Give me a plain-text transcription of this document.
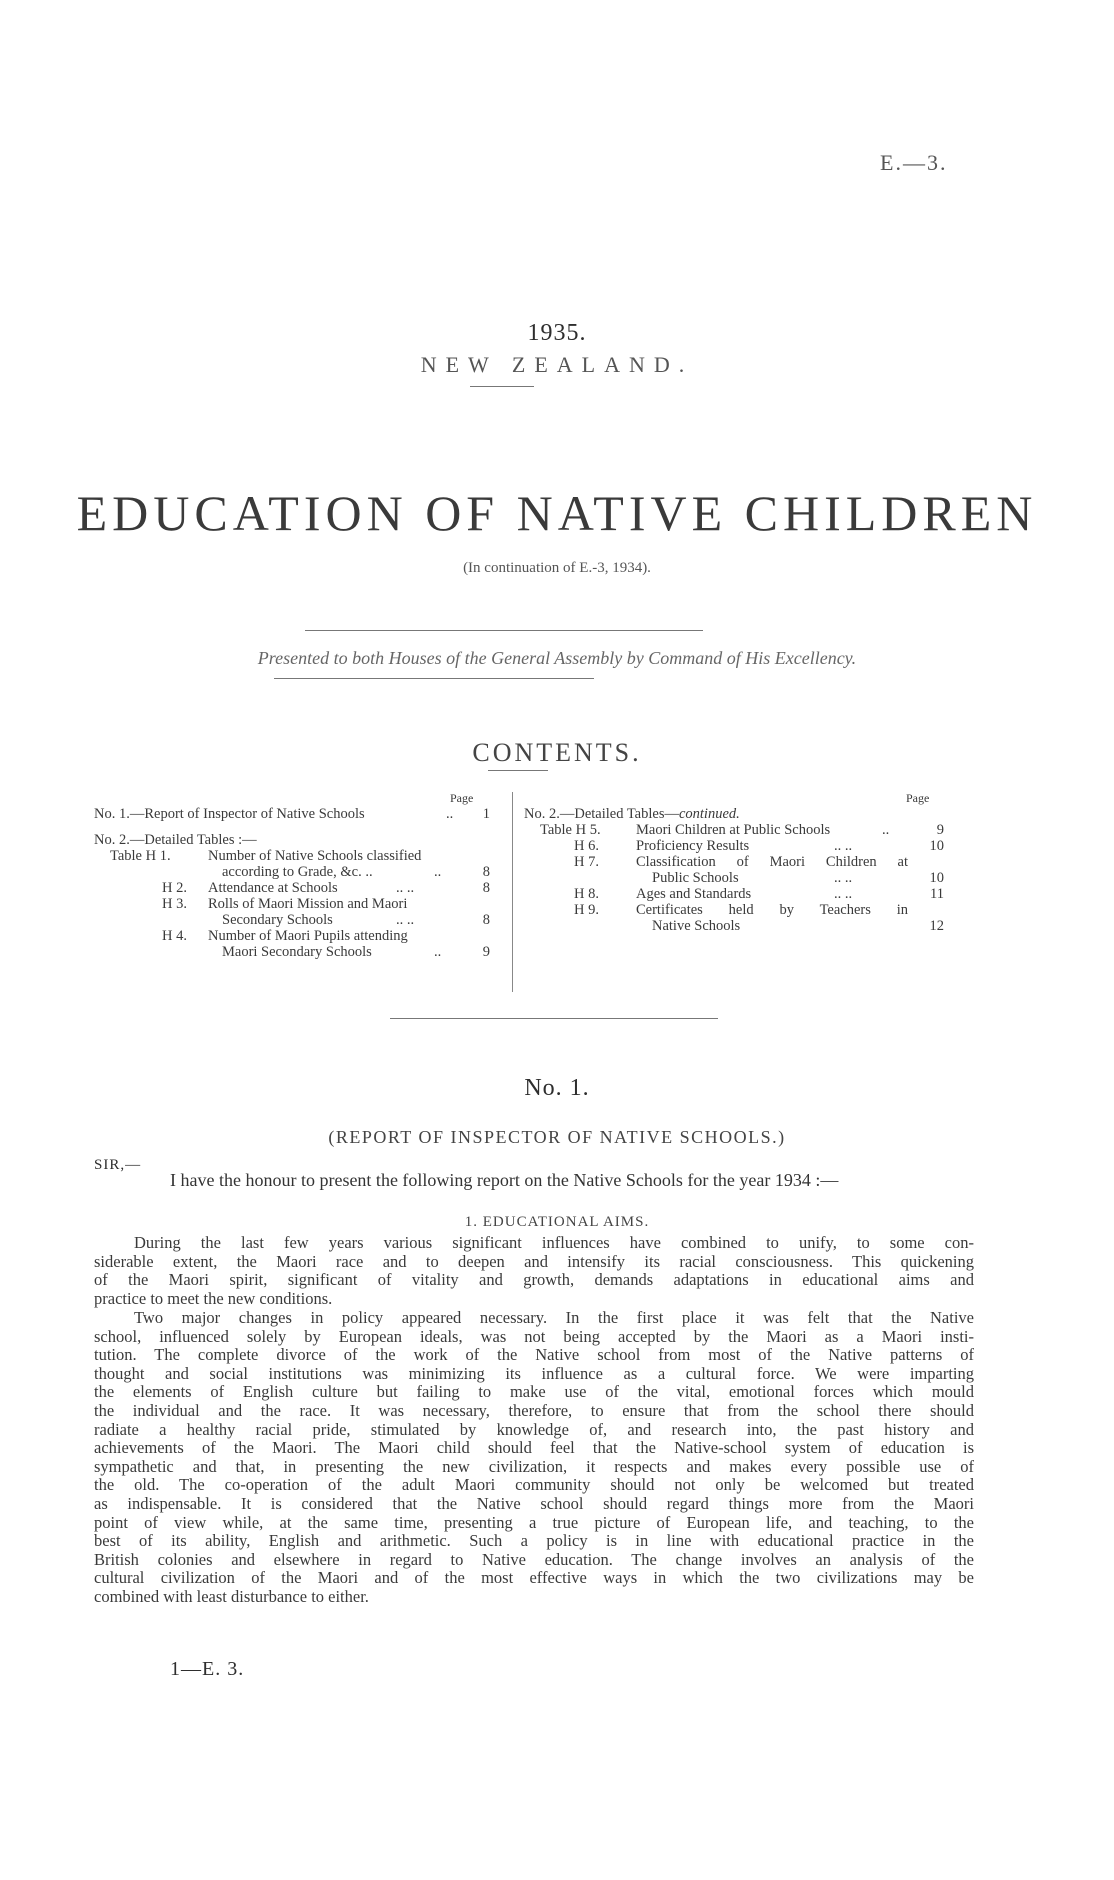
E.—3.
1935.
NEW ZEALAND.
EDUCATION OF NATIVE CHILDREN
(In continuation of E.-3, 1934).
Presented to both Houses of the General Assembly by Command of His Excellency.
CONTENTS.
Page
No. 1.—Report of Inspector of Native Schools	..	1
No. 2.—Detailed Tables :—
Table H 1.	Number of Native Schools classified
according to Grade, &c. ..	..	8
H 2. Attendance at Schools	.. ..	8
H 3. Rolls of Maori Mission and Maori
Secondary Schools	.. ..	8
H 4. Number of Maori Pupils attending
Maori Secondary Schools	..	9
Page
No. 2.—Detailed Tables—continued.
Table H 5. Maori Children at Public Schools	..	9
H 6.	Proficiency Results	.. ..	10
H 7.	Classification of Maori Children at
Public Schools	.. ..	10
H 8.	Ages and Standards	.. ..	11
H 9.	Certificates held by Teachers in
Native Schools	12
No. 1.
(REPORT OF INSPECTOR OF NATIVE SCHOOLS.)
SIR,—
I have the honour to present the following report on the Native Schools for the year 1934 :—
1. EDUCATIONAL AIMS.
During the last few years various significant influences have combined to unify, to some con-
siderable extent, the Maori race and to deepen and intensify its racial consciousness. This quickening
of the Maori spirit, significant of vitality and growth, demands adaptations in educational aims and
practice to meet the new conditions.
Two major changes in policy appeared necessary. In the first place it was felt that the Native
school, influenced solely by European ideals, was not being accepted by the Maori as a Maori insti-
tution. The complete divorce of the work of the Native school from most of the Native patterns of
thought and social institutions was minimizing its influence as a cultural force. We were imparting
the elements of English culture but failing to make use of the vital, emotional forces which mould
the individual and the race. It was necessary, therefore, to ensure that from the school there should
radiate a healthy racial pride, stimulated by knowledge of, and research into, the past history and
achievements of the Maori. The Maori child should feel that the Native-school system of education is
sympathetic and that, in presenting the new civilization, it respects and makes every possible use of
the old. The co-operation of the adult Maori community should not only be welcomed but treated
as indispensable. It is considered that the Native school should regard things more from the Maori
point of view while, at the same time, presenting a true picture of European life, and teaching, to the
best of its ability, English and arithmetic. Such a policy is in line with educational practice in the
British colonies and elsewhere in regard to Native education. The change involves an analysis of the
cultural civilization of the Maori and of the most effective ways in which the two civilizations may be
combined with least disturbance to either.
1—E. 3.
